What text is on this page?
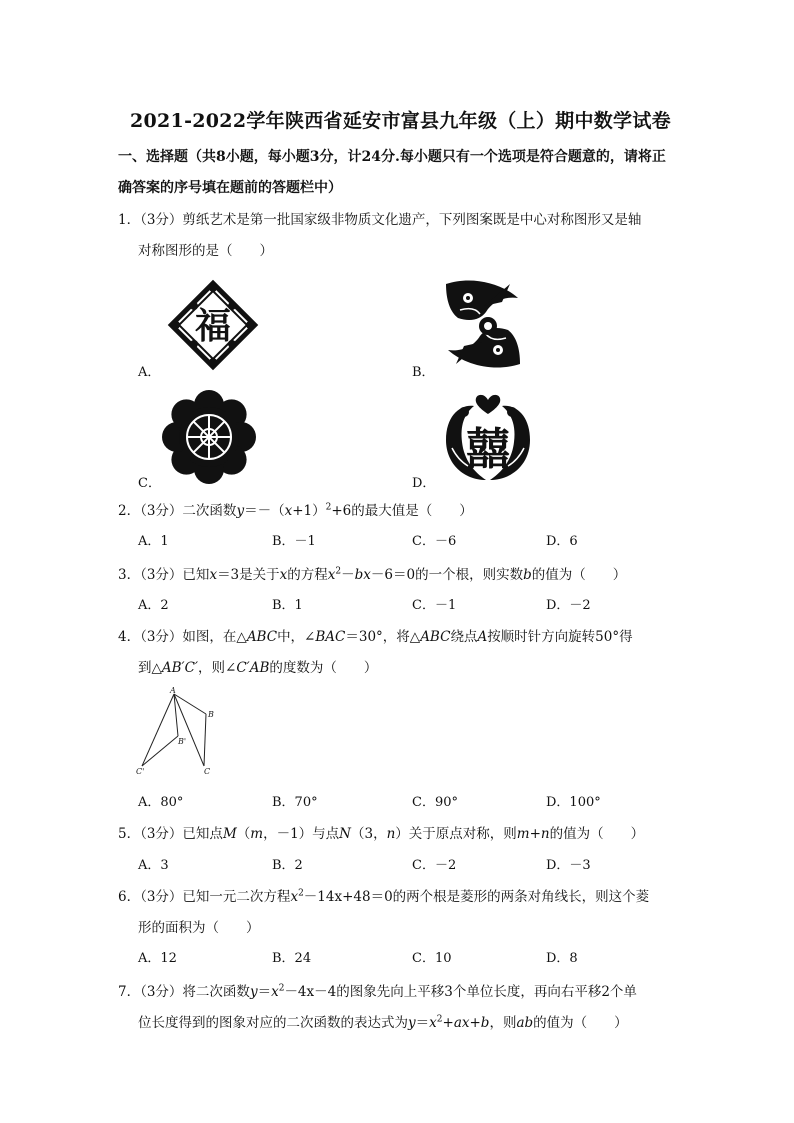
2021-2022学年陕西省延安市富县九年级（上）期中数学试卷
一、选择题（共8小题，每小题3分，计24分.每小题只有一个选项是符合题意的，请将正
确答案的序号填在题前的答题栏中）
1．（3分）剪纸艺术是第一批国家级非物质文化遗产，下列图案既是中心对称图形又是轴
对称图形的是（　　）
福
A．	B．
囍
C．	D．
2．（3分）二次函数$y=-(x+1)^2+6$的最大值是（　　）
A．1	B．－1	C．－6	D．6
3．（3分）已知x＝3是关于x的方程$x^2-bx-6=0$的一个根，则实数b的值为（　　）
A．2	B．1	C．－1	D．－2
4．（3分）如图，在△ABC中，∠BAC＝30°，将△ABC绕点A按顺时针方向旋转50°得
到△AB′C′，则∠C′AB的度数为（　　）
A
B
B'
C
C'
A．80°	B．70°	C．90°	D．100°
5．（3分）已知点M（m，－1）与点N（3，n）关于原点对称，则m+n的值为（　　）
A．3	B．2	C．－2	D．－3
6．（3分）已知一元二次方程$x^2-14x+48=0$的两个根是菱形的两条对角线长，则这个菱
形的面积为（　　）
A．12	B．24	C．10	D．8
7．（3分）将二次函数$y=x^2-4x-4$的图象先向上平移3个单位长度，再向右平移2个单
位长度得到的图象对应的二次函数的表达式为$y=x^2+ax+b$，则ab的值为（　　）
